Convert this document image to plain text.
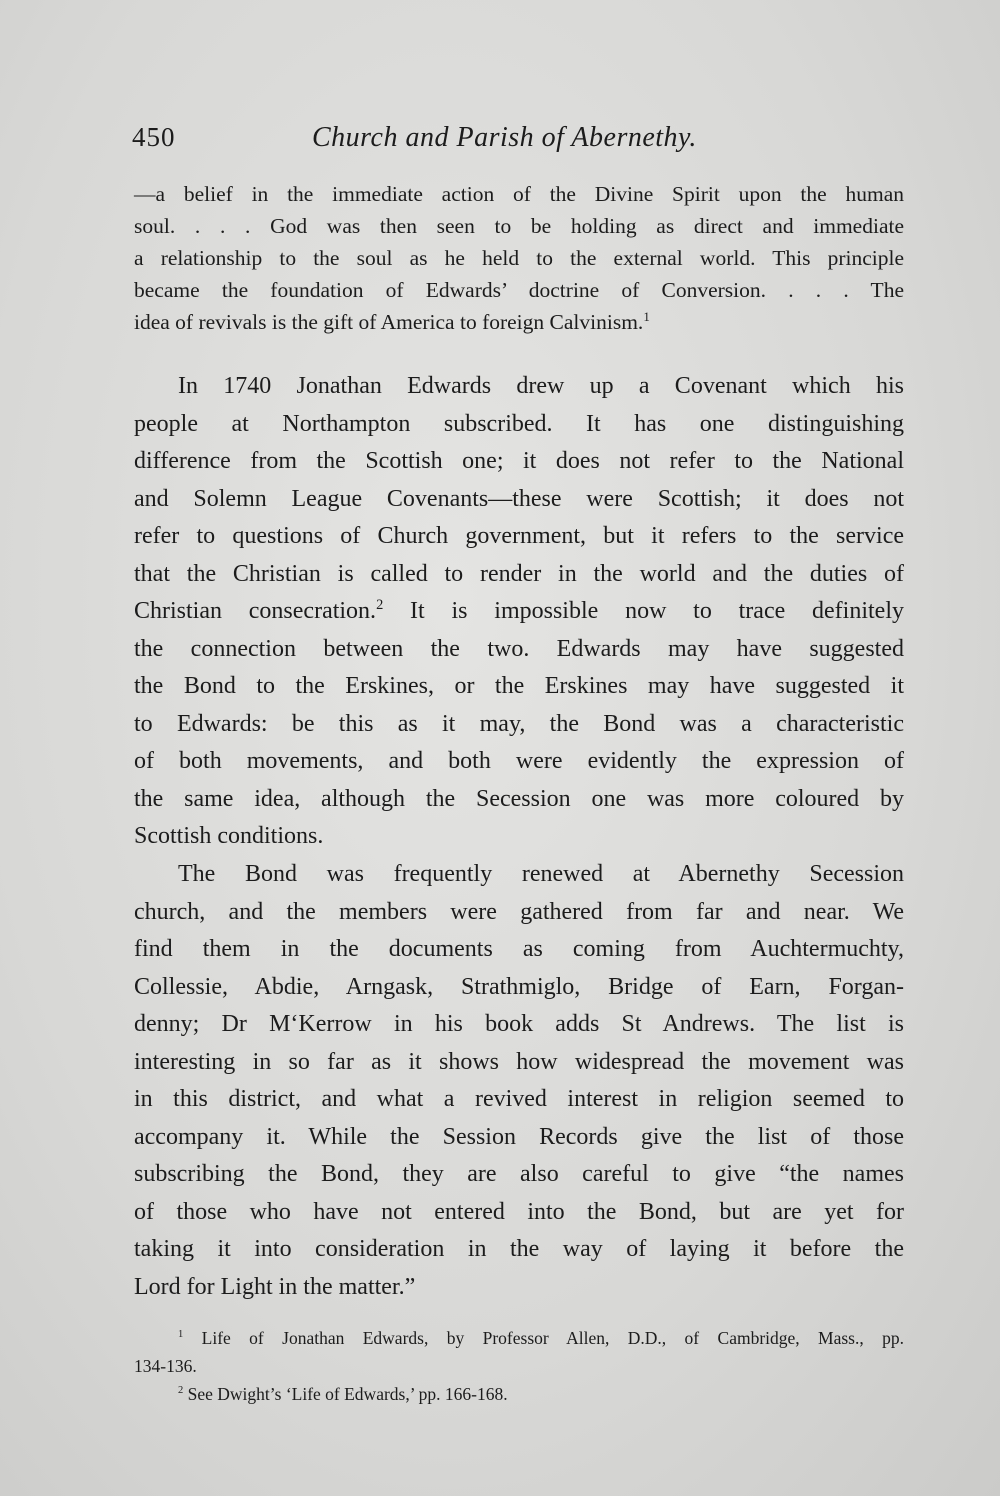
450	Church and Parish of Abernethy.
—a belief in the immediate action of the Divine Spirit upon the human
soul. . . . God was then seen to be holding as direct and immediate
a relationship to the soul as he held to the external world. This principle
became the foundation of Edwards’ doctrine of Conversion. . . . The
idea of revivals is the gift of America to foreign Calvinism.$^1$
In 1740 Jonathan Edwards drew up a Covenant which his
people at Northampton subscribed. It has one distinguishing
difference from the Scottish one; it does not refer to the National
and Solemn League Covenants—these were Scottish; it does not
refer to questions of Church government, but it refers to the service
that the Christian is called to render in the world and the duties of
Christian consecration.$^2$ It is impossible now to trace definitely
the connection between the two. Edwards may have suggested
the Bond to the Erskines, or the Erskines may have suggested it
to Edwards: be this as it may, the Bond was a characteristic
of both movements, and both were evidently the expression of
the same idea, although the Secession one was more coloured by
Scottish conditions.
The Bond was frequently renewed at Abernethy Secession
church, and the members were gathered from far and near. We
find them in the documents as coming from Auchtermuchty,
Collessie, Abdie, Arngask, Strathmiglo, Bridge of Earn, Forgan-
denny; Dr M‘Kerrow in his book adds St Andrews. The list is
interesting in so far as it shows how widespread the movement was
in this district, and what a revived interest in religion seemed to
accompany it. While the Session Records give the list of those
subscribing the Bond, they are also careful to give “the names
of those who have not entered into the Bond, but are yet for
taking it into consideration in the way of laying it before the
Lord for Light in the matter.”
$^1$ Life of Jonathan Edwards, by Professor Allen, D.D., of Cambridge, Mass., pp.
134-136.
$^2$ See Dwight’s ‘Life of Edwards,’ pp. 166-168.
